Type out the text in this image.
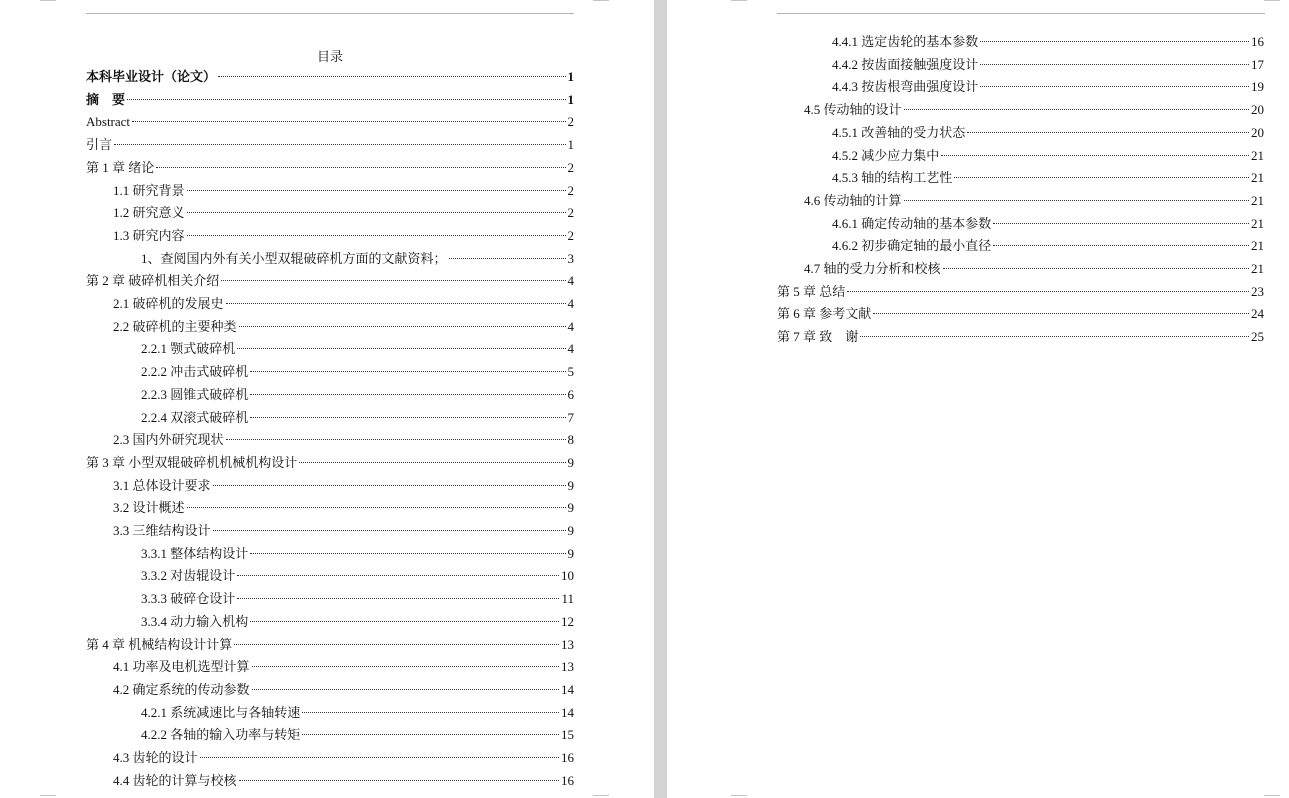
目录
本科毕业设计（论文）	1
摘　要	1
Abstract	2
引言	1
第 1 章 绪论	2
1.1 研究背景	2
1.2 研究意义	2
1.3 研究内容	2
1、查阅国内外有关小型双辊破碎机方面的文献资料；	3
第 2 章 破碎机相关介绍	4
2.1 破碎机的发展史	4
2.2 破碎机的主要种类	4
2.2.1 颚式破碎机	4
2.2.2 冲击式破碎机	5
2.2.3 圆锥式破碎机	6
2.2.4 双滚式破碎机	7
2.3 国内外研究现状	8
第 3 章 小型双辊破碎机机械机构设计	9
3.1 总体设计要求	9
3.2 设计概述	9
3.3 三维结构设计	9
3.3.1 整体结构设计	9
3.3.2 对齿辊设计	10
3.3.3 破碎仓设计	11
3.3.4 动力输入机构	12
第 4 章 机械结构设计计算	13
4.1 功率及电机选型计算	13
4.2 确定系统的传动参数	14
4.2.1 系统减速比与各轴转速	14
4.2.2 各轴的输入功率与转矩	15
4.3 齿轮的设计	16
4.4 齿轮的计算与校核	16
4.4.1 选定齿轮的基本参数	16
4.4.2 按齿面接触强度设计	17
4.4.3 按齿根弯曲强度设计	19
4.5 传动轴的设计	20
4.5.1 改善轴的受力状态	20
4.5.2 减少应力集中	21
4.5.3 轴的结构工艺性	21
4.6 传动轴的计算	21
4.6.1 确定传动轴的基本参数	21
4.6.2 初步确定轴的最小直径	21
4.7 轴的受力分析和校核	21
第 5 章 总结	23
第 6 章 参考文献	24
第 7 章 致　谢	25
